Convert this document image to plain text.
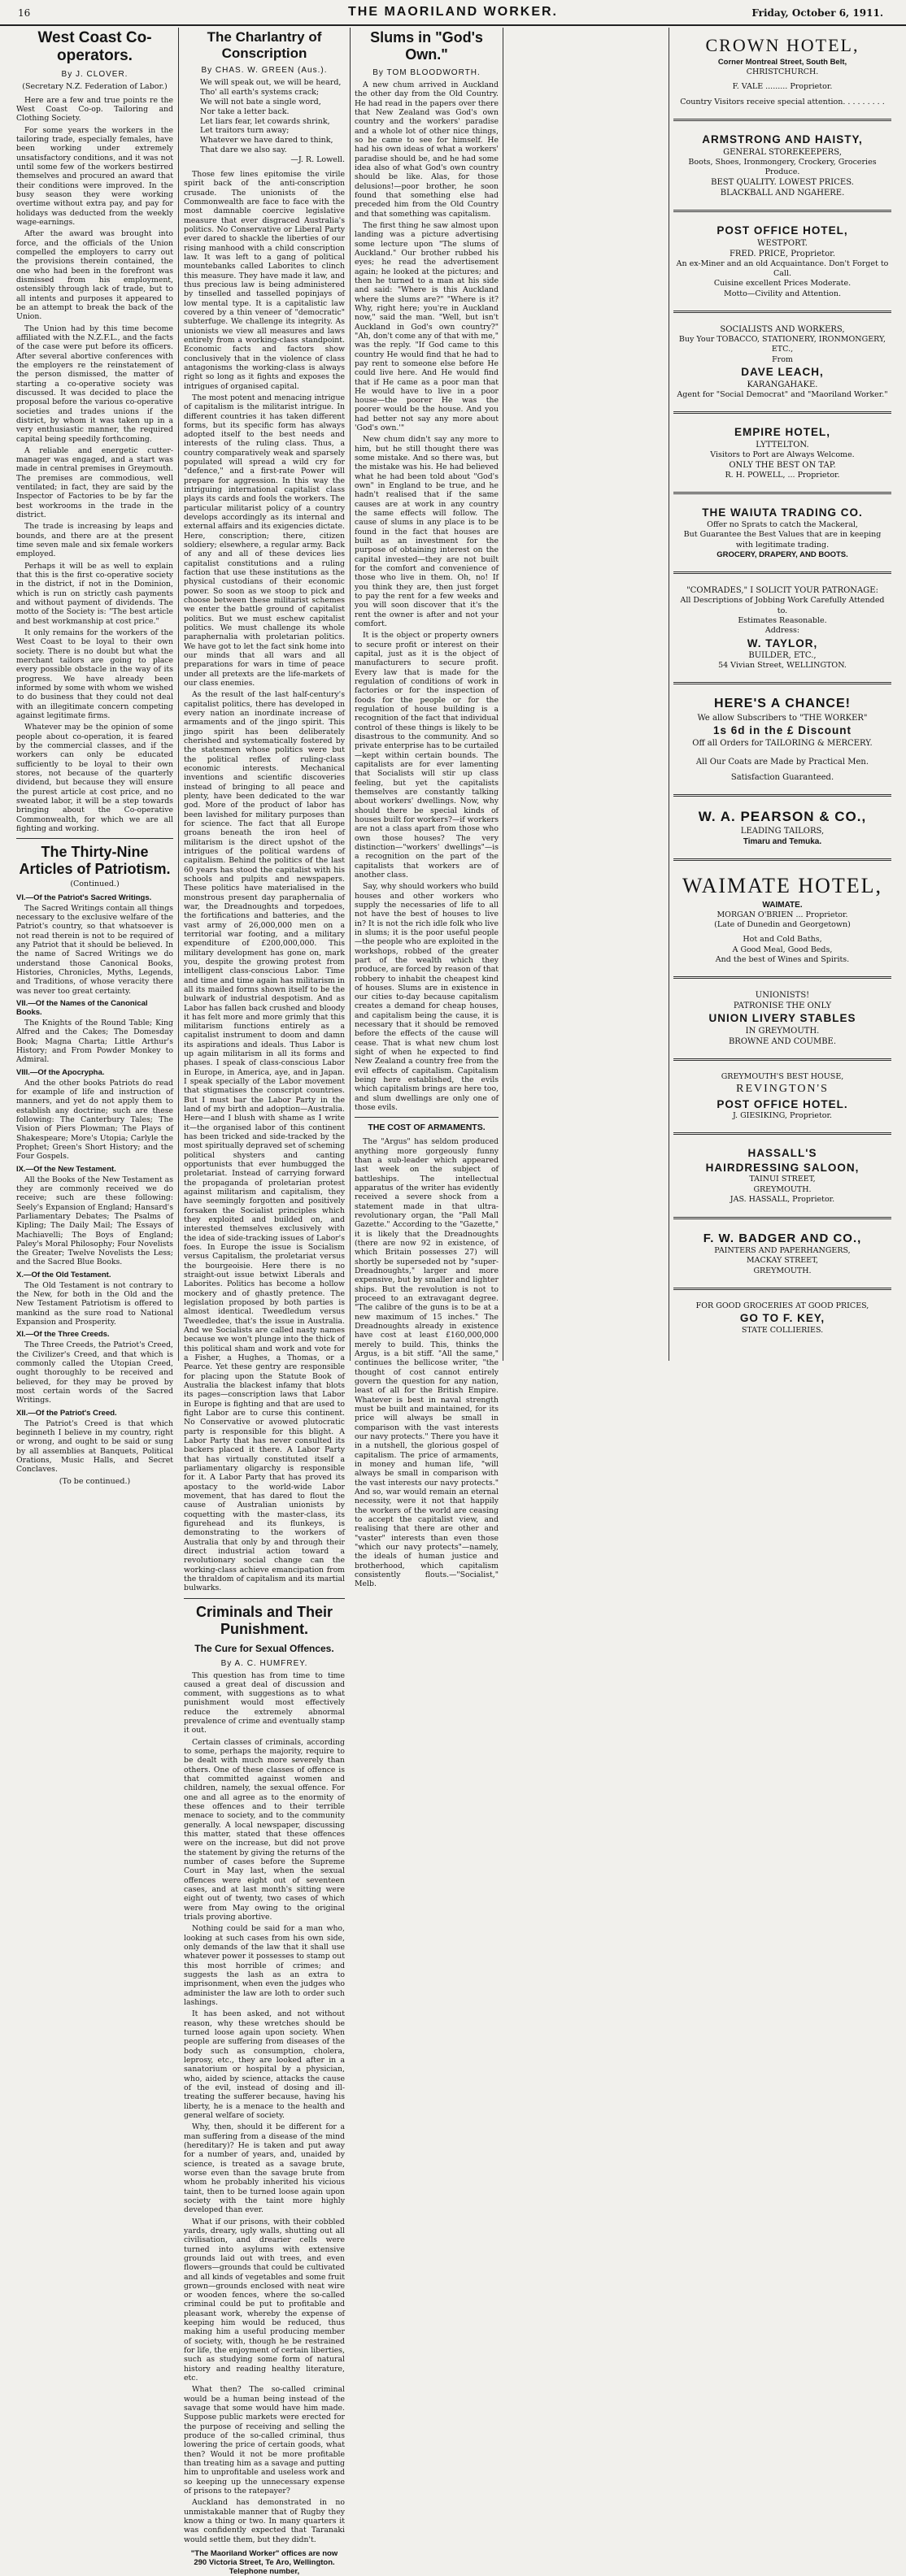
16	THE MAORILAND WORKER.	Friday, October 6, 1911.
West Coast Co-operators.
By J. CLOVER.
(Secretary N.Z. Federation of Labor.)

Here are a few and true points re the West Coast Co-op. Tailoring and Clothing Society.

For some years the workers in the tailoring trade, especially females, have been working under extremely unsatisfactory conditions, and it was not until some few of the workers bestirred themselves and procured an award that their conditions were improved. In the busy season they were working overtime without extra pay, and pay for holidays was deducted from the weekly wage-earnings.

After the award was brought into force, and the officials of the Union compelled the employers to carry out the provisions therein contained, the one who had been in the forefront was dismissed from his employment, ostensibly through lack of trade, but to all intents and purposes it appeared to be an attempt to break the back of the Union.

The Union had by this time become affiliated with the N.Z.F.L., and the facts of the case were put before its officers. After several abortive conferences with the employers re the reinstatement of the person dismissed, the matter of starting a co-operative society was discussed. It was decided to place the proposal before the various co-operative societies and trades unions if the district, by whom it was taken up in a very enthusiastic manner, the required capital being speedily forthcoming.

A reliable and energetic cutter-manager was engaged, and a start was made in central premises in Greymouth. The premises are commodious, well ventilated; in fact, they are said by the Inspector of Factories to be by far the best workrooms in the trade in the district.

The trade is increasing by leaps and bounds, and there are at the present time seven male and six female workers employed.

Perhaps it will be as well to explain that this is the first co-operative society in the district, if not in the Dominion, which is run on strictly cash payments and without payment of dividends. The motto of the Society is: "The best article and best workmanship at cost price."

It only remains for the workers of the West Coast to be loyal to their own society. There is no doubt but what the merchant tailors are going to place every possible obstacle in the way of its progress. We have already been informed by some with whom we wished to do business that they could not deal with an illegitimate concern competing against legitimate firms.

Whatever may be the opinion of some people about co-operation, it is feared by the commercial classes, and if the workers can only be educated sufficiently to be loyal to their own stores, not because of the quarterly dividend, but because they will ensure the purest article at cost price, and no sweated labor, it will be a step towards bringing about the Co-operative Commonwealth, for which we are all fighting and working.

The Thirty-Nine Articles of Patriotism.
(Continued.)
VI.—Of the Patriot's Sacred Writings.

The Sacred Writings contain all things necessary to the exclusive welfare of the Patriot's country, so that whatsoever is not read therein is not to be required of any Patriot that it should be believed. In the name of Sacred Writings we do understand those Canonical Books, Histories, Chronicles, Myths, Legends, and Traditions, of whose veracity there was never too great certainty.

VII.—Of the Names of the Canonical Books.

The Knights of the Round Table; King Alfred and the Cakes; The Domesday Book; Magna Charta; Little Arthur's History; and From Powder Monkey to Admiral.

VIII.—Of the Apocrypha.

And the other books Patriots do read for example of life and instruction of manners, and yet do not apply them to establish any doctrine; such are these following: The Canterbury Tales; The Vision of Piers Plowman; The Plays of Shakespeare; More's Utopia; Carlyle the Prophet; Green's Short History; and the Four Gospels.

IX.—Of the New Testament.

All the Books of the New Testament as they are commonly received we do receive; such are these following: Seely's Expansion of England; Hansard's Parliamentary Debates; The Psalms of Kipling; The Daily Mail; The Essays of Machiavelli; The Boys of England; Paley's Moral Philosophy; Four Novelists the Greater; Twelve Novelists the Less; and the Sacred Blue Books.

X.—Of the Old Testament.

The Old Testament is not contrary to the New, for both in the Old and the New Testament Patriotism is offered to mankind as the sure road to National Expansion and Prosperity.

XI.—Of the Three Creeds.

The Three Creeds, the Patriot's Creed, the Civilizer's Creed, and that which is commonly called the Utopian Creed, ought thoroughly to be received and believed, for they may be proved by most certain words of the Sacred Writings.

XII.—Of the Patriot's Creed.

The Patriot's Creed is that which beginneth I believe in my country, right or wrong, and ought to be said or sung by all assemblies at Banquets, Political Orations, Music Halls, and Secret Conclaves.

(To be continued.)
The Charlantry of Conscription
By CHAS. W. GREEN (Aus.).
We will speak out, we will be heard,
Tho' all earth's systems crack;
We will not bate a single word,
Nor take a letter back.
Let liars fear, let cowards shrink,
Let traitors turn away;
Whatever we have dared to think,
That dare we also say.
—J. R. Lowell.

Those few lines epitomise the virile spirit back of the anti-conscription crusade. The unionists of the Commonwealth are face to face with the most damnable coercive legislative measure that ever disgraced Australia's politics. No Conservative or Liberal Party ever dared to shackle the liberties of our rising manhood with a child conscription law. It was left to a gang of political mountebanks called Laborites to clinch this measure. They have made it law, and thus precious law is being administered by tinselled and tasselled popinjays of low mental type. It is a capitalistic law covered by a thin veneer of "democratic" subterfuge. We challenge its integrity. As unionists we view all measures and laws entirely from a working-class standpoint. Economic facts and factors show conclusively that in the violence of class antagonisms the working-class is always right so long as it fights and exposes the intrigues of organised capital.

The most potent and menacing intrigue of capitalism is the militarist intrigue. In different countries it has taken different forms, but its specific form has always adopted itself to the best needs and interests of the ruling class. Thus, a country comparatively weak and sparsely populated will spread a wild cry for "defence," and a first-rate Power will prepare for aggression. In this way the intriguing international capitalist class plays its cards and fools the workers. The particular militarist policy of a country develops accordingly as its internal and external affairs and its exigencies dictate. Here, conscription; there, citizen soldiery; elsewhere, a regular army. Back of any and all of these devices lies capitalist constitutions and a ruling faction that use these institutions as the physical custodians of their economic power. So soon as we stoop to pick and choose between these militarist schemes we enter the battle ground of capitalist politics. But we must eschew capitalist politics. We must challenge its whole paraphernalia with proletarian politics. We have got to let the fact sink home into our minds that all wars and all preparations for wars in time of peace under all pretexts are the life-markets of our class enemies.

As the result of the last half-century's capitalist politics, there has developed in every nation an inordinate increase of armaments and of the jingo spirit. This jingo spirit has been deliberately cherished and systematically fostered by the statesmen whose politics were but the political reflex of ruling-class economic interests. Mechanical inventions and scientific discoveries instead of bringing to all peace and plenty, have been dedicated to the war god. More of the product of labor has been lavished for military purposes than for science. The fact that all Europe groans beneath the iron heel of militarism is the direct upshot of the intrigues of the political wardens of capitalism. Behind the politics of the last 60 years has stood the capitalist with his schools and pulpits and newspapers. These politics have materialised in the monstrous present day paraphernalia of war, the Dreadnoughts and torpedoes, the fortifications and batteries, and the vast army of 26,000,000 men on a territorial war footing, and a military expenditure of £200,000,000. This military development has gone on, mark you, despite the growing protest from intelligent class-conscious Labor. Time and time and time again has militarism in all its mailed forms shown itself to be the bulwark of industrial despotism. And as Labor has fallen back crushed and bloody it has felt more and more grimly that this militarism functions entirely as a capitalist instrument to doom and damn its aspirations and ideals. Thus Labor is up again militarism in all its forms and phases. I speak of class-conscious Labor in Europe, in America, aye, and in Japan. I speak specially of the Labor movement that stigmatises the conscript countries. But I must bar the Labor Party in the land of my birth and adoption—Australia. Here—and I blush with shame as I write it—the organised labor of this continent has been tricked and side-tracked by the most spiritually depraved set of scheming political shysters and canting opportunists that ever humbugged the proletariat. Instead of carrying forward the propaganda of proletarian protest against militarism and capitalism, they have seemingly forgotten and positively forsaken the Socialist principles which they exploited and builded on, and interested themselves exclusively with the idea of side-tracking issues of Labor's foes. In Europe the issue is Socialism versus Capitalism, the proletariat versus the bourgeoisie. Here there is no straight-out issue betwixt Liberals and Laborites. Politics has become a hollow mockery and of ghastly pretence. The legislation proposed by both parties is almost identical. Tweedledum versus Tweedledee, that's the issue in Australia. And we Socialists are called nasty names because we won't plunge into the thick of this political sham and work and vote for a Fisher, a Hughes, a Thomas, or a Pearce. Yet these gentry are responsible for placing upon the Statute Book of Australia the blackest infamy that blots its pages—conscription laws that Labor in Europe is fighting and that are used to fight Labor are to curse this continent. No Conservative or avowed plutocratic party is responsible for this blight. A Labor Party that has never consulted its backers placed it there. A Labor Party that has virtually constituted itself a parliamentary oligarchy is responsible for it. A Labor Party that has proved its apostacy to the world-wide Labor movement, that has dared to flout the cause of Australian unionists by coquetting with the master-class, its figurehead and its flunkeys, is demonstrating to the workers of Australia that only by and through their direct industrial action toward a revolutionary social change can the working-class achieve emancipation from the thraldom of capitalism and its martial bulwarks.

Criminals and Their Punishment.
The Cure for Sexual Offences.
By A. C. HUMFREY.

This question has from time to time caused a great deal of discussion and comment, with suggestions as to what punishment would most effectively reduce the extremely abnormal prevalence of crime and eventually stamp it out.

Certain classes of criminals, according to some, perhaps the majority, require to be dealt with much more severely than others. One of these classes of offence is that committed against women and children, namely, the sexual offence. For one and all agree as to the enormity of these offences and to their terrible menace to society, and to the community generally. A local newspaper, discussing this matter, stated that these offences were on the increase, but did not prove the statement by giving the returns of the number of cases before the Supreme Court in May last, when the sexual offences were eight out of seventeen cases, and at last month's sitting were eight out of twenty, two cases of which were from May owing to the original trials proving abortive.

Nothing could be said for a man who, looking at such cases from his own side, only demands of the law that it shall use whatever power it possesses to stamp out this most horrible of crimes; and suggests the lash as an extra to imprisonment, when even the judges who administer the law are loth to order such lashings.

It has been asked, and not without reason, why these wretches should be turned loose again upon society. When people are suffering from diseases of the body such as consumption, cholera, leprosy, etc., they are looked after in a sanatorium or hospital by a physician, who, aided by science, attacks the cause of the evil, instead of dosing and ill-treating the sufferer because, having his liberty, he is a menace to the health and general welfare of society.

Why, then, should it be different for a man suffering from a disease of the mind (hereditary)? He is taken and put away for a number of years, and, unaided by science, is treated as a savage brute, worse even than the savage brute from whom he probably inherited his vicious taint, then to be turned loose again upon society with the taint more highly developed than ever.

What if our prisons, with their cobbled yards, dreary, ugly walls, shutting out all civilisation, and drearier cells were turned into asylums with extensive grounds laid out with trees, and even flowers—grounds that could be cultivated and all kinds of vegetables and some fruit grown—grounds enclosed with neat wire or wooden fences, where the so-called criminal could be put to profitable and pleasant work, whereby the expense of keeping him would be reduced, thus making him a useful producing member of society, with, though he be restrained for life, the enjoyment of certain liberties, such as studying some form of natural history and reading healthy literature, etc.

What then? The so-called criminal would be a human being instead of the savage that some would have him made. Suppose public markets were erected for the purpose of receiving and selling the produce of the so-called criminal, thus lowering the price of certain goods, what then? Would it not be more profitable than treating him as a savage and putting him to unprofitable and useless work and so keeping up the unnecessary expense of prisons to the ratepayer?

Auckland has demonstrated in no unmistakable manner that of Rugby they know a thing or two. In many quarters it was confidently expected that Taranaki would settle them, but they didn't.

"The Maoriland Worker" offices are now 290 Victoria Street, Te Aro, Wellington. Telephone number,
Slums in "God's Own."
By TOM BLOODWORTH.

A new chum arrived in Auckland the other day from the Old Country. He had read in the papers over there that New Zealand was God's own country and the workers' paradise and a whole lot of other nice things, so he came to see for himself. He had his own ideas of what a workers' paradise should be, and he had some idea also of what God's own country should be like. Alas, for those delusions!—poor brother, he soon found that something else had preceded him from the Old Country and that something was capitalism.

The first thing he saw almost upon landing was a picture advertising some lecture upon "The slums of Auckland." Our brother rubbed his eyes; he read the advertisement again; he looked at the pictures; and then he turned to a man at his side and said: "Where is this Auckland where the slums are?" "Where is it? Why, right here; you're in Auckland now," said the man. "Well, but isn't Auckland in God's own country?" "Ah, don't come any of that with me," was the reply. "If God came to this country He would find that he had to pay rent to someone else before He could live here. And He would find that if He came as a poor man that He would have to live in a poor house—the poorer He was the poorer would be the house. And you had better not say any more about 'God's own.'"

New chum didn't say any more to him, but he still thought there was some mistake. And so there was, but the mistake was his. He had believed what he had been told about "God's own" in England to be true, and he hadn't realised that if the same causes are at work in any country the same effects will follow. The cause of slums in any place is to be found in the fact that houses are built as an investment for the purpose of obtaining interest on the capital invested—they are not built for the comfort and convenience of those who live in them. Oh, no! If you think they are, then just forget to pay the rent for a few weeks and you will soon discover that it's the rent the owner is after and not your comfort.

It is the object or property owners to secure profit or interest on their capital, just as it is the object of manufacturers to secure profit. Every law that is made for the regulation of conditions of work in factories or for the inspection of foods for the people or for the regulation of house building is a recognition of the fact that individual control of these things is likely to be disastrous to the community. And so private enterprise has to be curtailed—kept within certain bounds. The capitalists are for ever lamenting that Socialists will stir up class feeling, but yet the capitalists themselves are constantly talking about workers' dwellings. Now, why should there be special kinds of houses built for workers?—if workers are not a class apart from those who own those houses? The very distinction—"workers' dwellings"—is a recognition on the part of the capitalists that workers are of another class.

Say, why should workers who build houses and other workers who supply the necessaries of life to all not have the best of houses to live in? It is not the rich idle folk who live in slums; it is the poor useful people—the people who are exploited in the workshops, robbed of the greater part of the wealth which they produce, are forced by reason of that robbery to inhabit the cheapest kind of houses. Slums are in existence in our cities to-day because capitalism creates a demand for cheap houses, and capitalism being the cause, it is necessary that it should be removed before the effects of the cause will cease. That is what new chum lost sight of when he expected to find New Zealand a country free from the evil effects of capitalism. Capitalism being here established, the evils which capitalism brings are here too, and slum dwellings are only one of those evils.

THE COST OF ARMAMENTS.

The "Argus" has seldom produced anything more gorgeously funny than a sub-leader which appeared last week on the subject of battleships. The intellectual apparatus of the writer has evidently received a severe shock from a statement made in that ultra-revolutionary organ, the "Pall Mall Gazette." According to the "Gazette," it is likely that the Dreadnoughts (there are now 92 in existence, of which Britain possesses 27) will shortly be superseded not by "super-Dreadnoughts," larger and more expensive, but by smaller and lighter ships. But the revolution is not to proceed to an extravagant degree. "The calibre of the guns is to be at a new maximum of 15 inches." The Dreadnoughts already in existence have cost at least £160,000,000 merely to build. This, thinks the Argus, is a bit stiff. "All the same," continues the bellicose writer, "the thought of cost cannot entirely govern the question for any nation, least of all for the British Empire. Whatever is best in naval strength must be built and maintained, for its price will always be small in comparison with the vast interests our navy protects." There you have it in a nutshell, the glorious gospel of capitalism. The price of armaments, in money and human life, "will always be small in comparison with the vast interests our navy protects." And so, war would remain an eternal necessity, were it not that happily the workers of the world are ceasing to accept the capitalist view, and realising that there are other and "vaster" interests than even those "which our navy protects"—namely, the ideals of human justice and brotherhood, which capitalism consistently flouts.—"Socialist," Melb.

CROWN HOTEL,
Corner Montreal Street, South Belt,
CHRISTCHURCH.
F. VALE ......... Proprietor.
Country Visitors receive special attention. . . . . . . . .
ARMSTRONG AND HAISTY,
GENERAL STOREKEEPERS,
Boots, Shoes, Ironmongery, Crockery, Groceries Produce.
BEST QUALITY. LOWEST PRICES.
BLACKBALL AND NGAHERE.
POST OFFICE HOTEL,
WESTPORT.
FRED. PRICE, Proprietor.
An ex-Miner and an old Acquaintance. Don't Forget to Call.
Cuisine excellent Prices Moderate.
Motto—Civility and Attention.
SOCIALISTS AND WORKERS,
Buy Your TOBACCO, STATIONERY, IRONMONGERY, ETC.,
From
DAVE LEACH,
KARANGAHAKE.
Agent for "Social Democrat" and "Maoriland Worker."
EMPIRE HOTEL,
LYTTELTON.
Visitors to Port are Always Welcome.
ONLY THE BEST ON TAP.
R. H. POWELL, ... Proprietor.
THE WAIUTA TRADING CO.
Offer no Sprats to catch the Mackeral,
But Guarantee the Best Values that are in keeping with legitimate trading.
GROCERY, DRAPERY, AND BOOTS.
"COMRADES," I SOLICIT YOUR PATRONAGE:
All Descriptions of Jobbing Work Carefully Attended to.
Estimates Reasonable.
Address:
W. TAYLOR,
BUILDER, ETC.,
54 Vivian Street, WELLINGTON.
HERE'S A CHANCE!
We allow Subscribers to "THE WORKER"
1s 6d in the £ Discount
Off all Orders for TAILORING & MERCERY.
All Our Coats are Made by Practical Men.
Satisfaction Guaranteed.
W. A. PEARSON & CO.,
LEADING TAILORS,
Timaru and Temuka.
WAIMATE HOTEL,
WAIMATE.
MORGAN O'BRIEN ... Proprietor.
(Late of Dunedin and Georgetown)
Hot and Cold Baths,
A Good Meal, Good Beds,
And the best of Wines and Spirits.
UNIONISTS!
PATRONISE THE ONLY
UNION LIVERY STABLES
IN GREYMOUTH.
BROWNE AND COUMBE.
GREYMOUTH'S BEST HOUSE,
REVINGTON'S
POST OFFICE HOTEL.
J. GIESIKING, Proprietor.
HASSALL'S
HAIRDRESSING SALOON,
TAINUI STREET,
GREYMOUTH.
JAS. HASSALL, Proprietor.
F. W. BADGER AND CO.,
PAINTERS AND PAPERHANGERS,
MACKAY STREET,
GREYMOUTH.
FOR GOOD GROCERIES AT GOOD PRICES,
GO TO F. KEY,
STATE COLLIERIES.
